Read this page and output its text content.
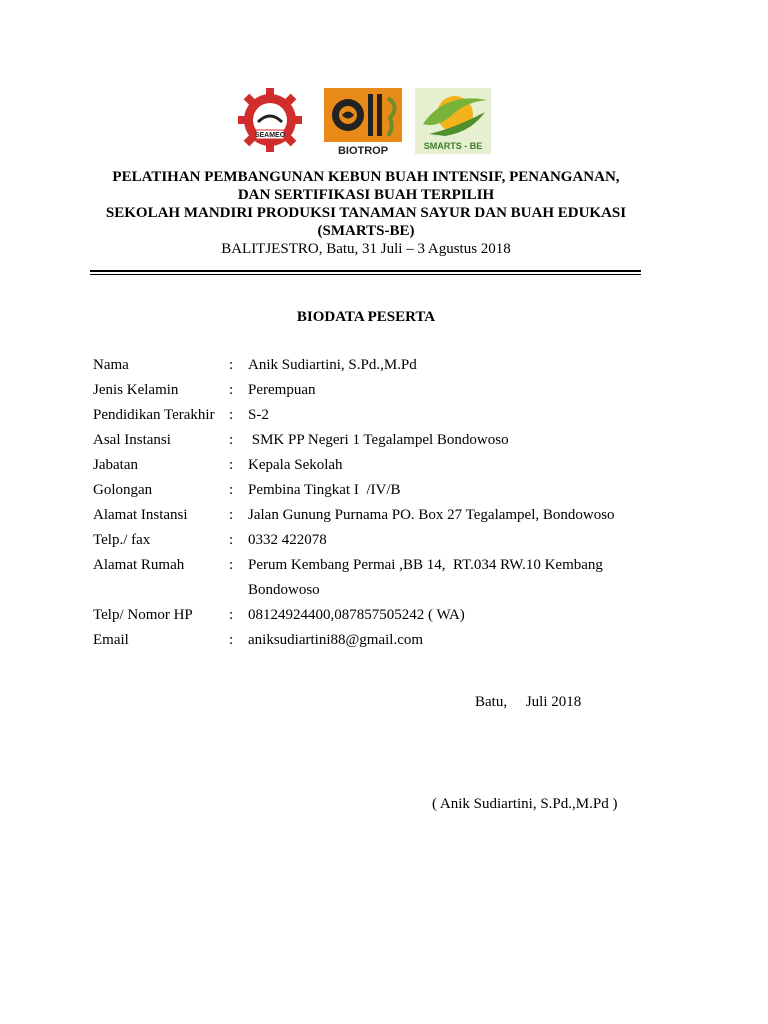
SEAMEO
BIOTROP	SMARTS - BE
PELATIHAN PEMBANGUNAN KEBUN BUAH INTENSIF, PENANGANAN,
DAN SERTIFIKASI BUAH TERPILIH
SEKOLAH MANDIRI PRODUKSI TANAMAN SAYUR DAN BUAH EDUKASI
(SMARTS-BE)
BALITJESTRO, Batu, 31 Juli – 3 Agustus 2018
BIODATA PESERTA
Nama	: Anik Sudiartini, S.Pd.,M.Pd
Jenis Kelamin	: Perempuan
Pendidikan Terakhir : S-2
Asal Instansi	: SMK PP Negeri 1 Tegalampel Bondowoso
Jabatan	: Kepala Sekolah
Golongan	: Pembina Tingkat I  /IV/B
Alamat Instansi	: Jalan Gunung Purnama PO. Box 27 Tegalampel, Bondowoso
Telp./ fax	: 0332 422078
Alamat Rumah	: Perum Kembang Permai ,BB 14,  RT.034 RW.10 Kembang Bondowoso
Telp/ Nomor HP : 08124924400,087857505242 ( WA)
Email	: aniksudiartini88@gmail.com
Batu,     Juli 2018
( Anik Sudiartini, S.Pd.,M.Pd )
